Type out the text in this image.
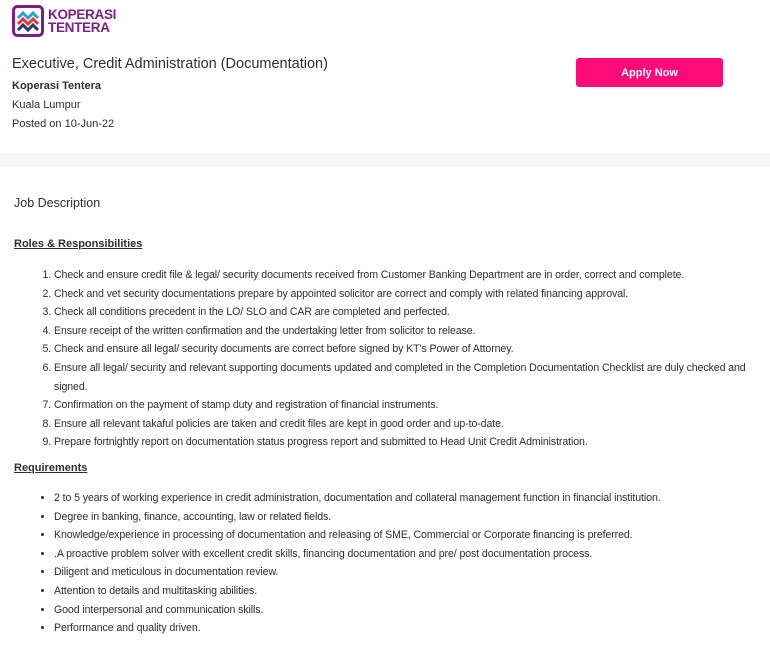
KOPERASI
TENTERA
Executive, Credit Administration (Documentation)
Koperasi Tentera
Kuala Lumpur
Posted on 10-Jun-22
Apply Now
Job Description
Roles & Responsibilities
1. Check and ensure credit file & legal/ security documents received from Customer Banking Department are in order, correct and complete.
2. Check and vet security documentations prepare by appointed solicitor are correct and comply with related financing approval.
3. Check all conditions precedent in the LO/ SLO and CAR are completed and perfected.
4. Ensure receipt of the written confirmation and the undertaking letter from solicitor to release.
5. Check and ensure all legal/ security documents are correct before signed by KT's Power of Attorney.
6. Ensure all legal/ security and relevant supporting documents updated and completed in the Completion Documentation Checklist are duly checked and signed.
7. Confirmation on the payment of stamp duty and registration of financial instruments.
8. Ensure all relevant takaful policies are taken and credit files are kept in good order and up-to-date.
9. Prepare fortnightly report on documentation status progress report and submitted to Head Unit Credit Administration.
Requirements
• 2 to 5 years of working experience in credit administration, documentation and collateral management function in financial institution.
• Degree in banking, finance, accounting, law or related fields.
• Knowledge/experience in processing of documentation and releasing of SME, Commercial or Corporate financing is preferred.
• .A proactive problem solver with excellent credit skills, financing documentation and pre/ post documentation process.
• Diligent and meticulous in documentation review.
• Attention to details and multitasking abilities.
• Good interpersonal and communication skills.
• Performance and quality driven.
